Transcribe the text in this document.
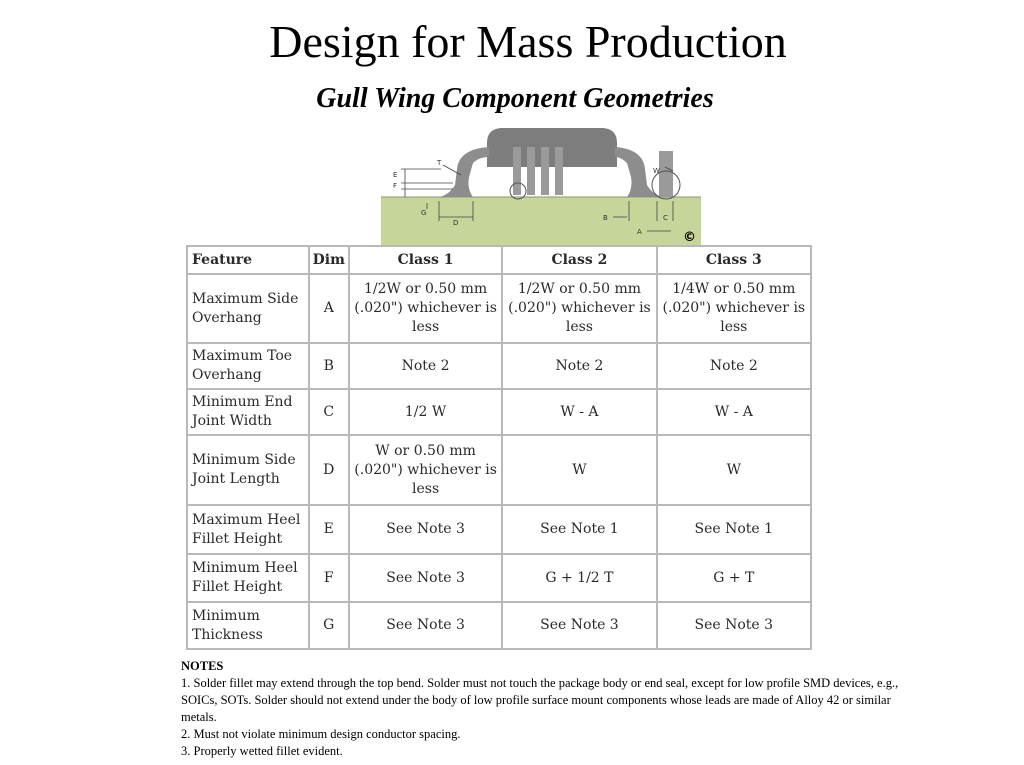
Design for Mass Production
Gull Wing Component Geometries
T
E
F
G
D
W
B	C
A	©
Feature	Dim	Class 1	Class 2	Class 3
Maximum Side
Overhang	A	1/2W or 0.50 mm
(.020") whichever is
less	1/2W or 0.50 mm
(.020") whichever is
less	1/4W or 0.50 mm
(.020") whichever is
less
Maximum Toe
Overhang	B	Note 2	Note 2	Note 2
Minimum End
Joint Width	C	1/2 W	W - A	W - A
Minimum Side
Joint Length	D	W or 0.50 mm
(.020") whichever is
less	W	W
Maximum Heel
Fillet Height	E	See Note 3	See Note 1	See Note 1
Minimum Heel
Fillet Height	F	See Note 3	G + 1/2 T	G + T
Minimum
Thickness	G	See Note 3	See Note 3	See Note 3
NOTES
1. Solder fillet may extend through the top bend. Solder must not touch the package body or end seal, except for low profile SMD devices, e.g., SOICs, SOTs. Solder should not extend under the body of low profile surface mount components whose leads are made of Alloy 42 or similar metals.
2. Must not violate minimum design conductor spacing.
3. Properly wetted fillet evident.
